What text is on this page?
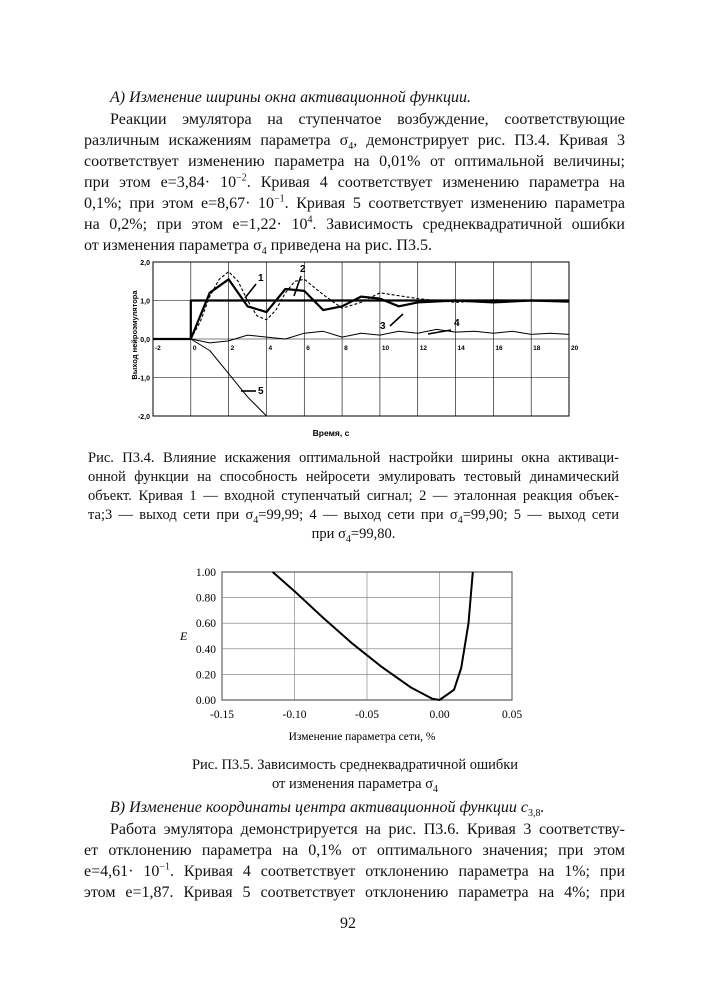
А) Изменение ширины окна активационной функции.
Реакции эмулятора на ступенчатое возбуждение, соответствующие
различным искажениям параметра $\sigma_4$, демонстрирует рис. П3.4. Кривая 3
соответствует изменению параметра на 0,01% от оптимальной величины;
при этом $e=3,84\cdot 10^{-2}$. Кривая 4 соответствует изменению параметра на
0,1%; при этом $e=8,67\cdot 10^{-1}$. Кривая 5 соответствует изменению параметра
на 0,2%; при этом $e=1,22\cdot 10^4$. Зависимость среднеквадратичной ошибки
от изменения параметра $\sigma_4$ приведена на рис. П3.5.
-2	0	2	4	6	8	10	12	14	16	18	20
2,0
1,0
0,0
-1,0
-2,0
Выход нейроэмулятора
Время, с
1
2
3	4
5
Рис. П3.4. Влияние искажения оптимальной настройки ширины окна активаци-
онной функции на способность нейросети эмулировать тестовый динамический
объект. Кривая 1 — входной ступенчатый сигнал; 2 — эталонная реакция объек-
та;3 — выход сети при $\sigma_4=99,99$; 4 — выход сети при $\sigma_4=99,90$; 5 — выход сети
при $\sigma_4=99,80$.
-0.15	-0.10	-0.05	0.00	0.05
1.00
0.80
0.60
0.40
0.20
0.00
E
Изменение параметра сети, %
Рис. П3.5. Зависимость среднеквадратичной ошибки
от изменения параметра $\sigma_4$
В) Изменение координаты центра активационной функции $c_{3,8}$.
Работа эмулятора демонстрируется на рис. П3.6. Кривая 3 соответству-
ет отклонению параметра на 0,1% от оптимального значения; при этом
$e=4,61\cdot 10^{-1}$. Кривая 4 соответствует отклонению параметра на 1%; при
этом e=1,87. Кривая 5 соответствует отклонению параметра на 4%; при
92
